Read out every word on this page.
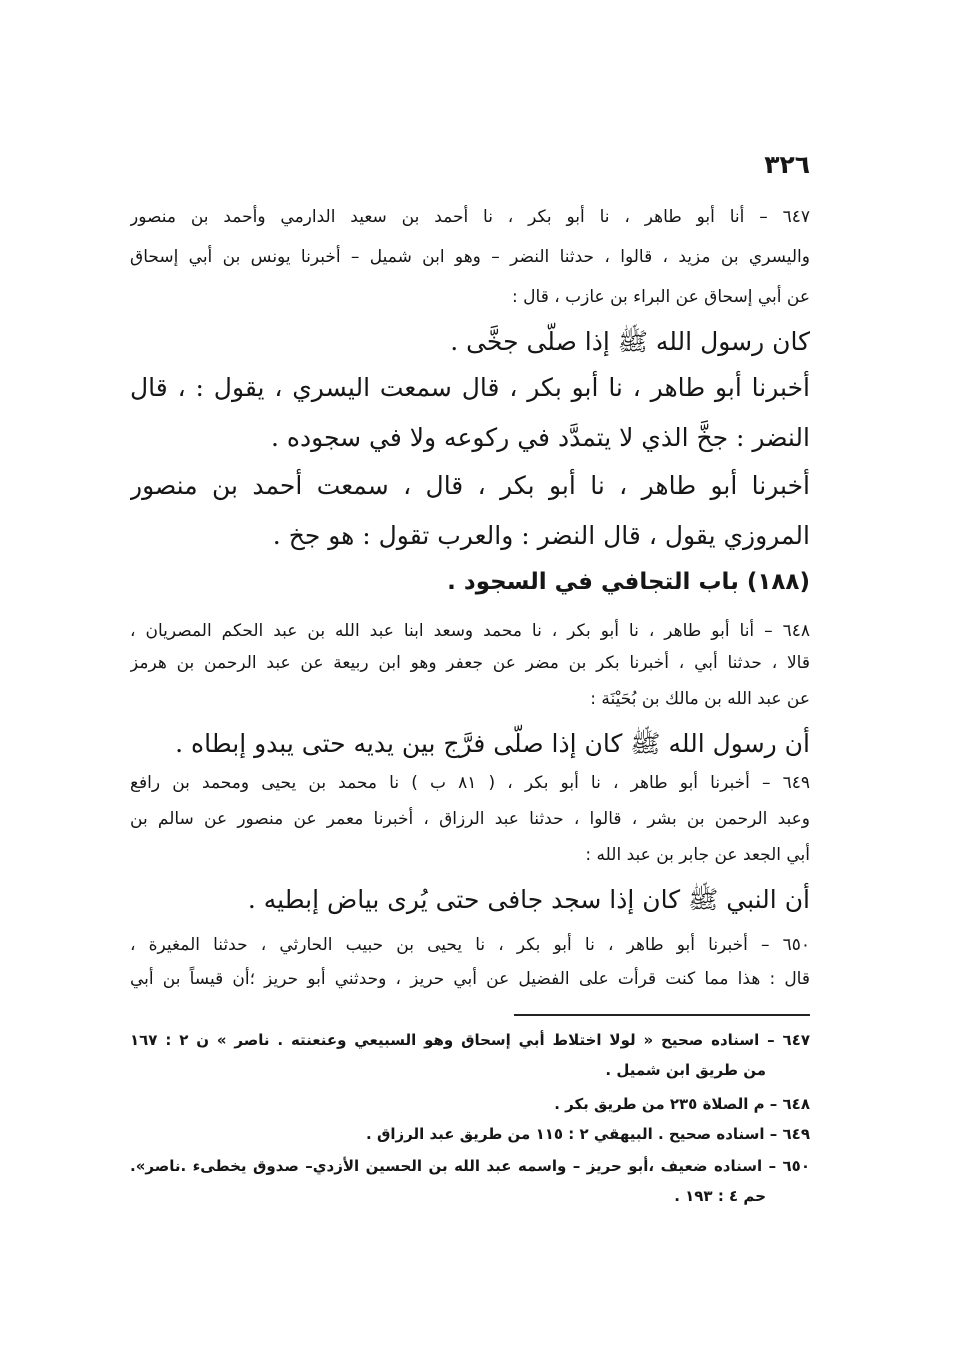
٣٢٦
٦٤٧ – أنا أبو طاهر ، نا أبو بكر ، نا أحمد بن سعيد الدارمي وأحمد بن منصور
واليسري بن مزيد ، قالوا ، حدثنا النضر – وهو ابن شميل – أخبرنا يونس بن أبي إسحاق
عن أبي إسحاق عن البراء بن عازب ، قال :
كان رسول الله ﷺ إذا صلَّى جخَّى .
أخبرنا أبو طاهر ، نا أبو بكر ، قال سمعت اليسري ، يقول : ، قال
النضر : جخَّ الذي لا يتمدَّد في ركوعه ولا في سجوده .
أخبرنا أبو طاهر ، نا أبو بكر ، قال ، سمعت أحمد بن منصور
المروزي يقول ، قال النضر : والعرب تقول : هو جخ .
(١٨٨) باب التجافي في السجود .
٦٤٨ – أنا أبو طاهر ، نا أبو بكر ، نا محمد وسعد ابنا عبد الله بن عبد الحكم المصريان ،
قالا ، حدثنا أبي ، أخبرنا بكر بن مضر عن جعفر وهو ابن ربيعة عن عبد الرحمن بن هرمز
عن عبد الله بن مالك بن بُحَيْنَة :
أن رسول الله ﷺ كان إذا صلَّى فرَّج بين يديه حتى يبدو إبطاه .
٦٤٩ – أخبرنا أبو طاهر ، نا أبو بكر ، ( ٨١ ب ) نا محمد بن يحيى ومحمد بن رافع
وعبد الرحمن بن بشر ، قالوا ، حدثنا عبد الرزاق ، أخبرنا معمر عن منصور عن سالم بن
أبي الجعد عن جابر بن عبد الله :
أن النبي ﷺ كان إذا سجد جافى حتى يُرى بياض إبطيه .
٦٥٠ – أخبرنا أبو طاهر ، نا أبو بكر ، نا يحيى بن حبيب الحارثي ، حدثنا المغيرة ،
قال : هذا مما كنت قرأت على الفضيل عن أبي حريز ، وحدثني أبو حريز ؛أن قيساً بن أبي
٦٤٧ – اسناده صحيح « لولا اختلاط أبي إسحاق وهو السبيعي وعنعنته . ناصر » ن ٢ : ١٦٧
من طريق ابن شميل .
٦٤٨ – م الصلاة ٢٣٥ من طريق بكر .
٦٤٩ – اسناده صحيح . البيهقي ٢ : ١١٥ من طريق عبد الرزاق .
٦٥٠ – اسناده ضعيف ،أبو حريز – واسمه عبد الله بن الحسين الأزدي– صدوق يخطىء .ناصر».
حم ٤ : ١٩٣ .
